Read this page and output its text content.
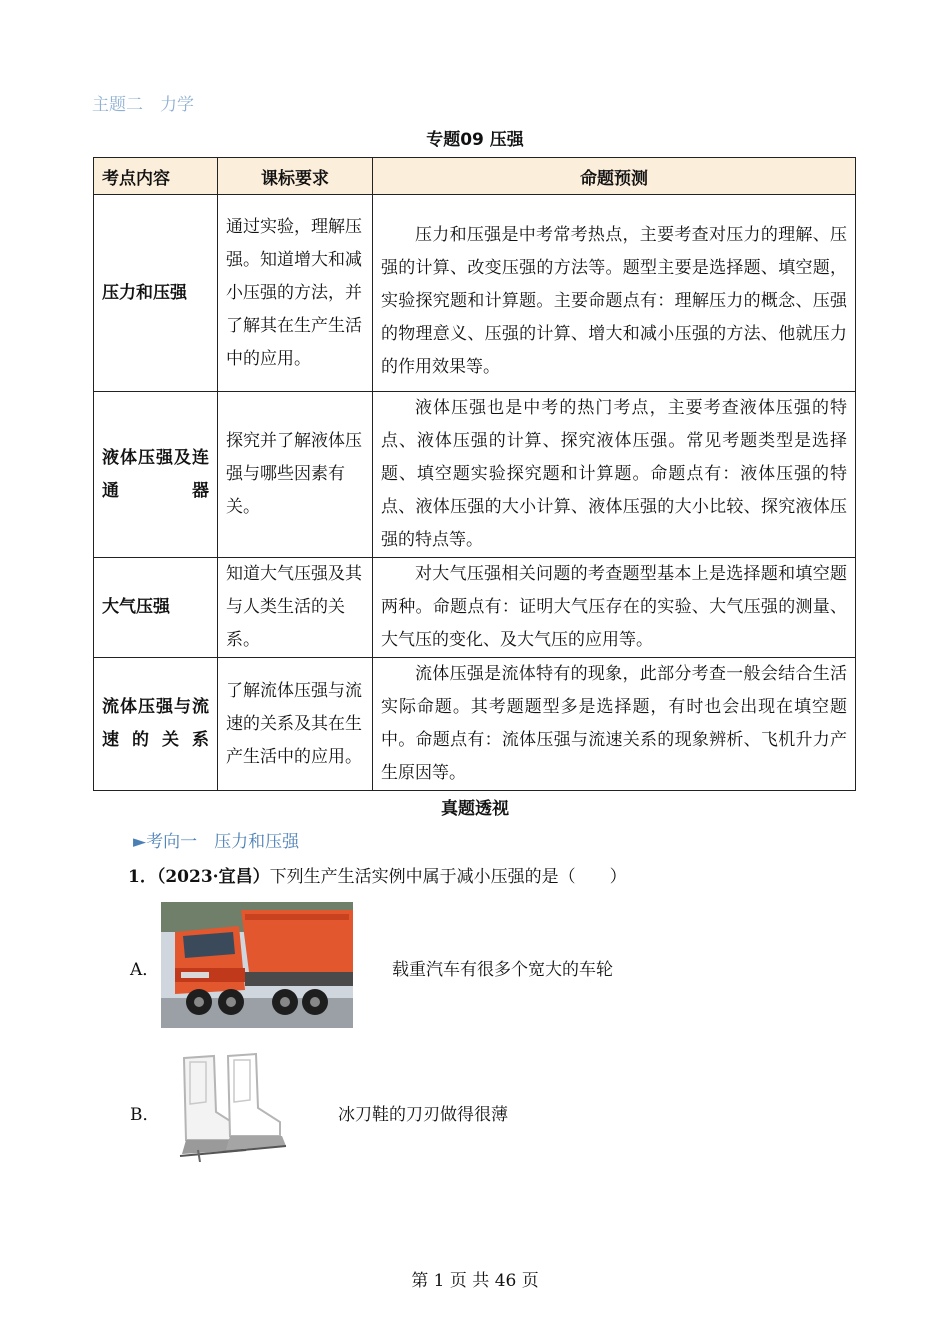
主题二　力学
专题09 压强
考点内容	课标要求	命题预测
压力和压强	通过实验，理解压强。知道增大和减小压强的方法，并了解其在生产生活中的应用。	压力和压强是中考常考热点，主要考查对压力的理解、压强的计算、改变压强的方法等。题型主要是选择题、填空题，实验探究题和计算题。主要命题点有：理解压力的概念、压强的物理意义、压强的计算、增大和减小压强的方法、他就压力的作用效果等。
液体压强及连通器	探究并了解液体压强与哪些因素有关。	液体压强也是中考的热门考点，主要考查液体压强的特点、液体压强的计算、探究液体压强。常见考题类型是选择题、填空题实验探究题和计算题。命题点有：液体压强的特点、液体压强的大小计算、液体压强的大小比较、探究液体压强的特点等。
大气压强	知道大气压强及其与人类生活的关系。	对大气压强相关问题的考查题型基本上是选择题和填空题两种。命题点有：证明大气压存在的实验、大气压强的测量、大气压的变化、及大气压的应用等。
流体压强与流速的关系	了解流体压强与流速的关系及其在生产生活中的应用。	流体压强是流体特有的现象，此部分考查一般会结合生活实际命题。其考题题型多是选择题，有时也会出现在填空题中。命题点有：流体压强与流速关系的现象辨析、飞机升力产生原因等。
真题透视
►考向一　压力和压强
1．（2023·宜昌）下列生产生活实例中属于减小压强的是（　　）
A．	载重汽车有很多个宽大的车轮
B．	冰刀鞋的刀刃做得很薄
第 1 页 共 46 页
